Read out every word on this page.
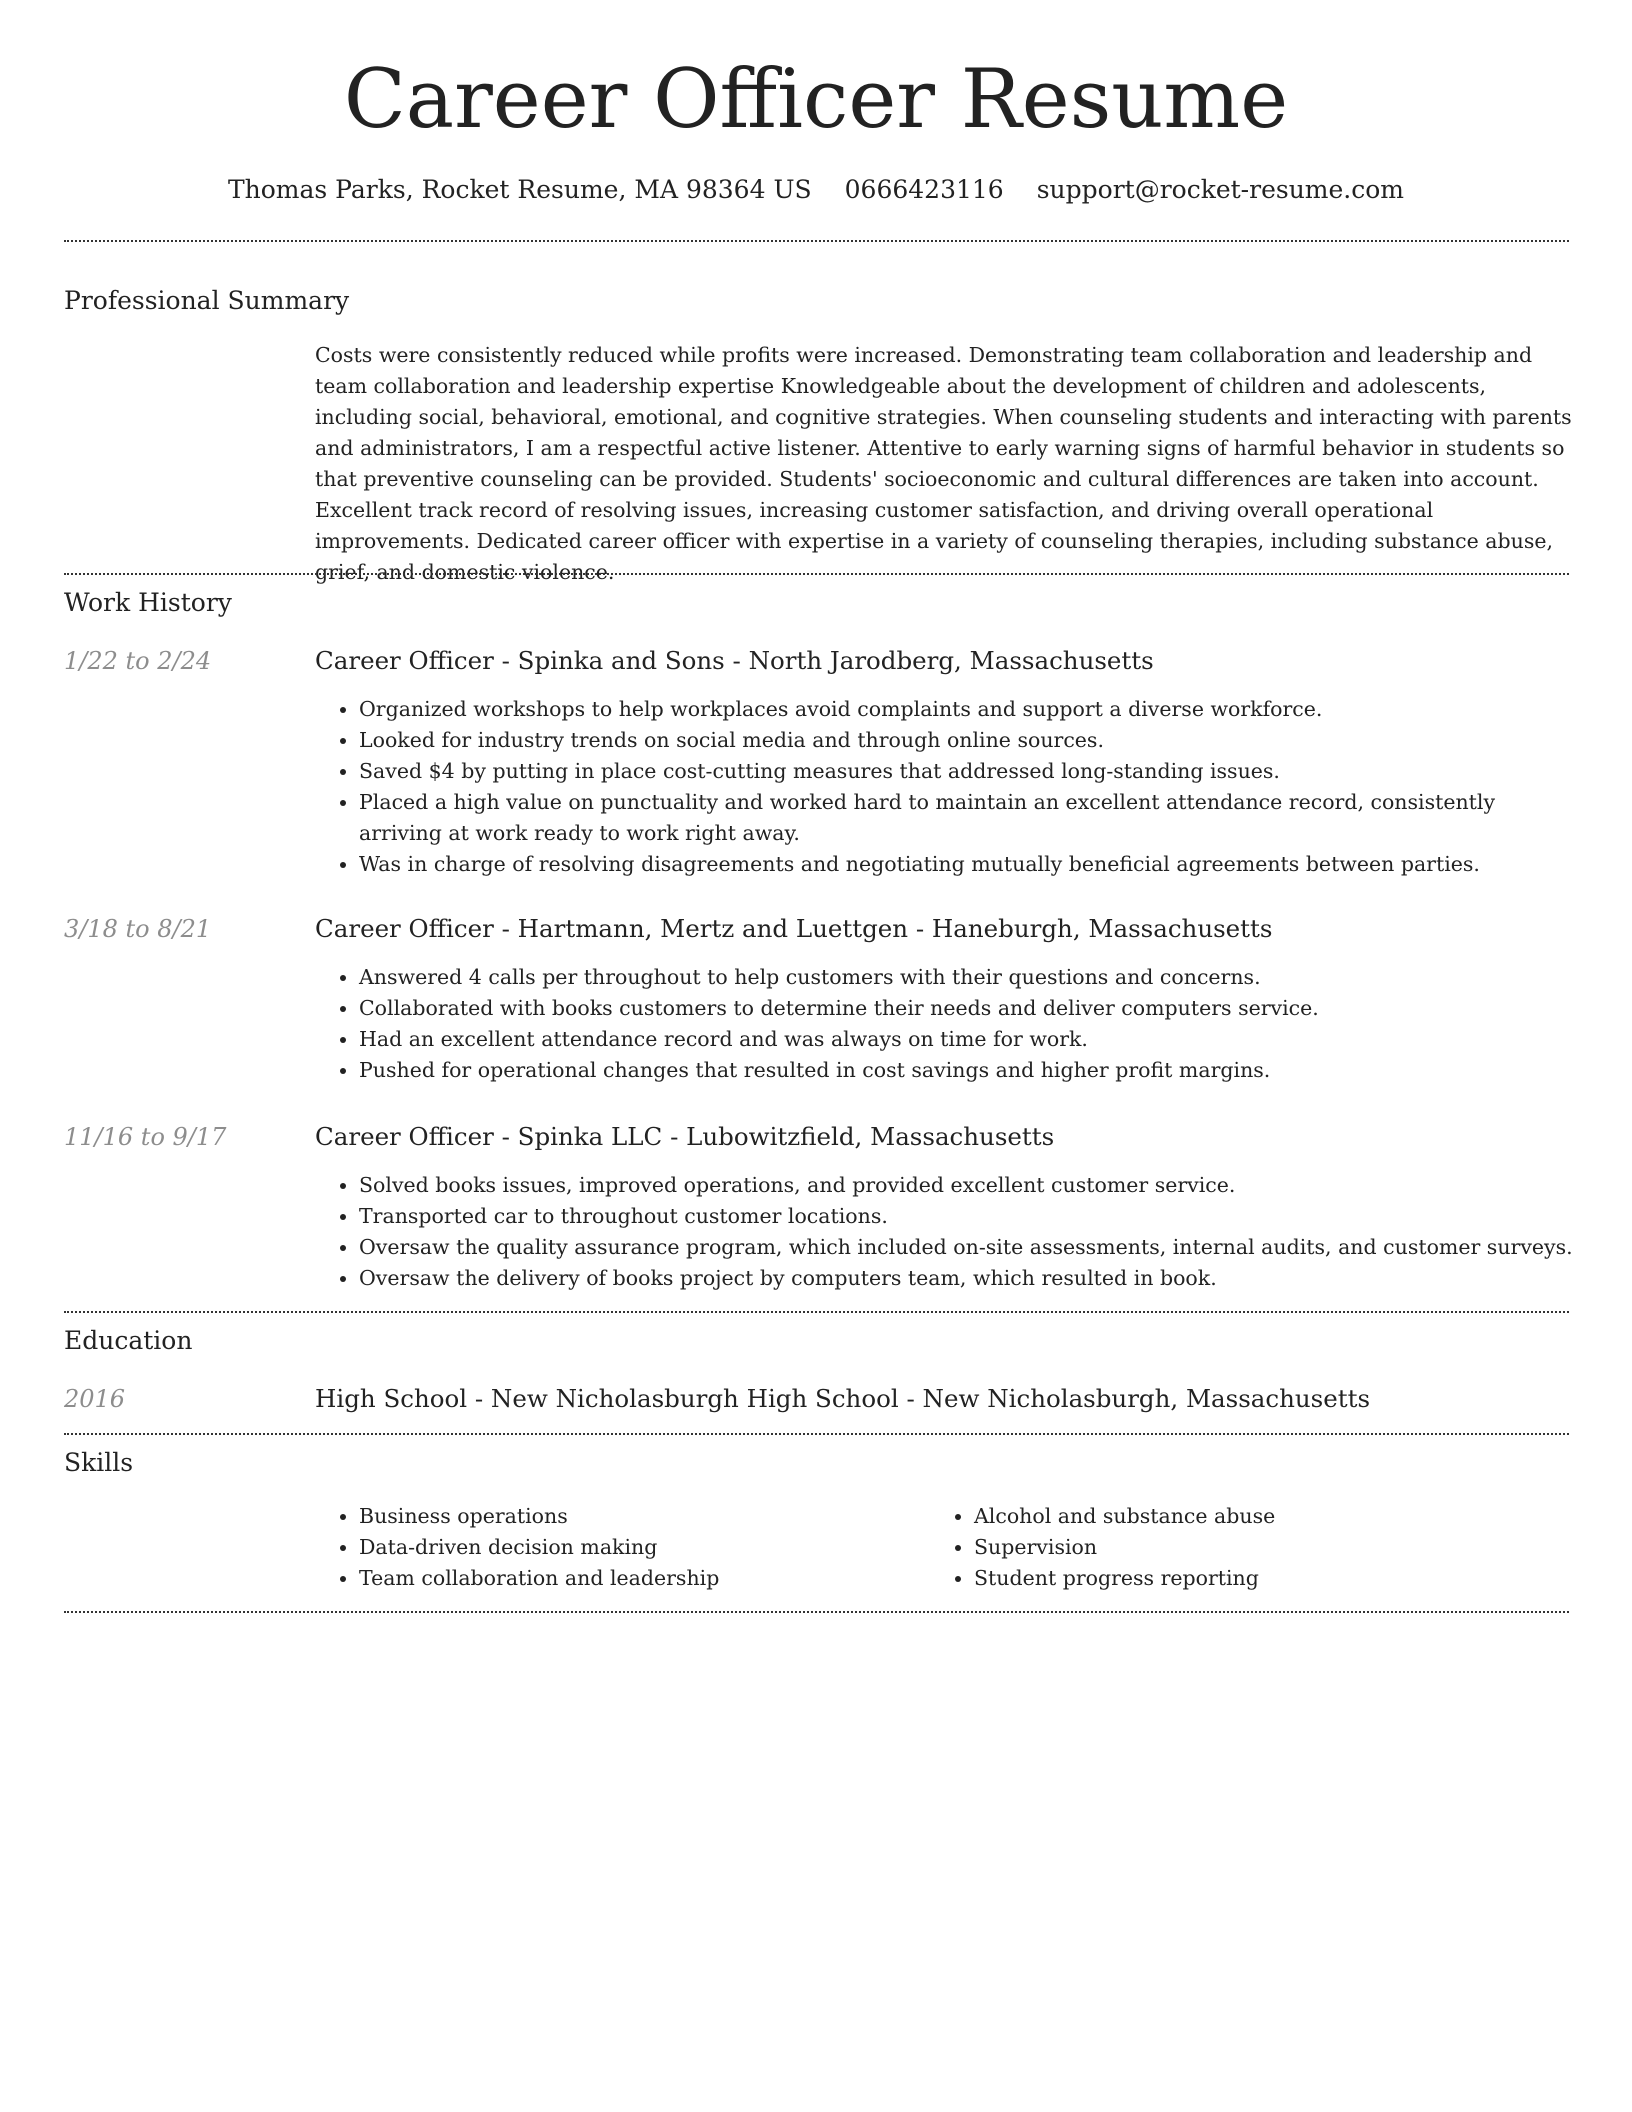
Career Officer Resume
Thomas Parks, Rocket Resume, MA 98364 US 0666423116 support@rocket-resume.com
Professional Summary

Costs were consistently reduced while profits were increased. Demonstrating team collaboration and leadership and team collaboration and leadership expertise Knowledgeable about the development of children and adolescents, including social, behavioral, emotional, and cognitive strategies. When counseling students and interacting with parents and administrators, I am a respectful active listener. Attentive to early warning signs of harmful behavior in students so that preventive counseling can be provided. Students' socioeconomic and cultural differences are taken into account. Excellent track record of resolving issues, increasing customer satisfaction, and driving overall operational improvements. Dedicated career officer with expertise in a variety of counseling therapies, including substance abuse, grief, and domestic violence.

Work History
1/22 to 2/24	Career Officer - Spinka and Sons - North Jarodberg, Massachusetts
• Organized workshops to help workplaces avoid complaints and support a diverse workforce.
• Looked for industry trends on social media and through online sources.
• Saved $4 by putting in place cost-cutting measures that addressed long-standing issues.
• Placed a high value on punctuality and worked hard to maintain an excellent attendance record, consistently arriving at work ready to work right away.
• Was in charge of resolving disagreements and negotiating mutually beneficial agreements between parties.
3/18 to 8/21	Career Officer - Hartmann, Mertz and Luettgen - Haneburgh, Massachusetts
• Answered 4 calls per throughout to help customers with their questions and concerns.
• Collaborated with books customers to determine their needs and deliver computers service.
• Had an excellent attendance record and was always on time for work.
• Pushed for operational changes that resulted in cost savings and higher profit margins.
11/16 to 9/17	Career Officer - Spinka LLC - Lubowitzfield, Massachusetts
• Solved books issues, improved operations, and provided excellent customer service.
• Transported car to throughout customer locations.
• Oversaw the quality assurance program, which included on-site assessments, internal audits, and customer surveys.
• Oversaw the delivery of books project by computers team, which resulted in book.
Education
2016	High School - New Nicholasburgh High School - New Nicholasburgh, Massachusetts
Skills
• Business operations
• Data-driven decision making
• Team collaboration and leadership
• Alcohol and substance abuse
• Supervision
• Student progress reporting
